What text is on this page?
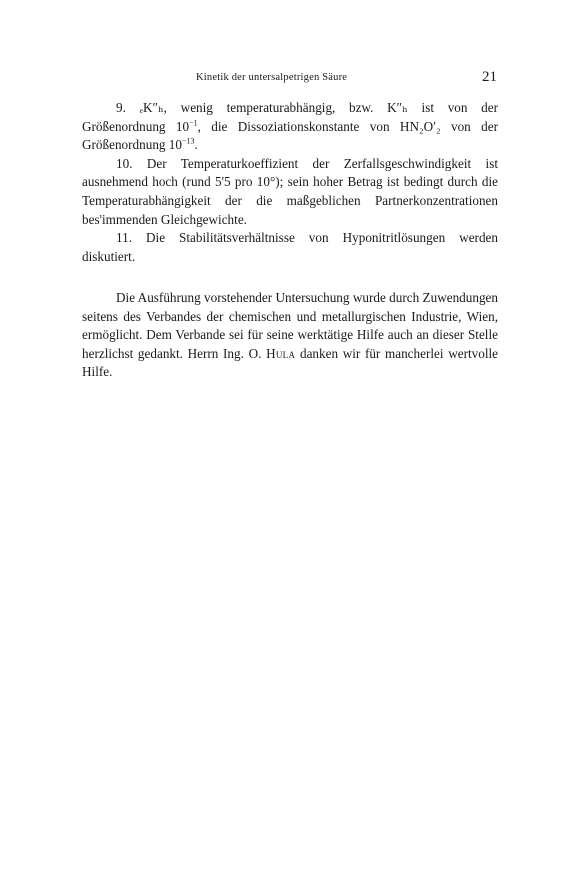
Kinetik der untersalpetrigen Säure	21

9. ₑK″ₕ, wenig temperaturabhängig, bzw. K″ₕ ist von der Größenordnung $10^{-1}$, die Dissoziationskonstante von HN₂O′₂ von der Größenordnung $10^{-13}$.

10. Der Temperaturkoeffizient der Zerfallsgeschwindigkeit ist ausnehmend hoch (rund 5'5 pro 10°); sein hoher Betrag ist bedingt durch die Temperaturabhängigkeit der die maßgeblichen Partnerkonzentrationen bes'immenden Gleichgewichte.

11. Die Stabilitätsverhältnisse von Hyponitritlösungen werden diskutiert.

Die Ausführung vorstehender Untersuchung wurde durch Zuwendungen seitens des Verbandes der chemischen und metallurgischen Industrie, Wien, ermöglicht. Dem Verbande sei für seine werktätige Hilfe auch an dieser Stelle herzlichst gedankt. Herrn Ing. O. Hula danken wir für mancherlei wertvolle Hilfe.
